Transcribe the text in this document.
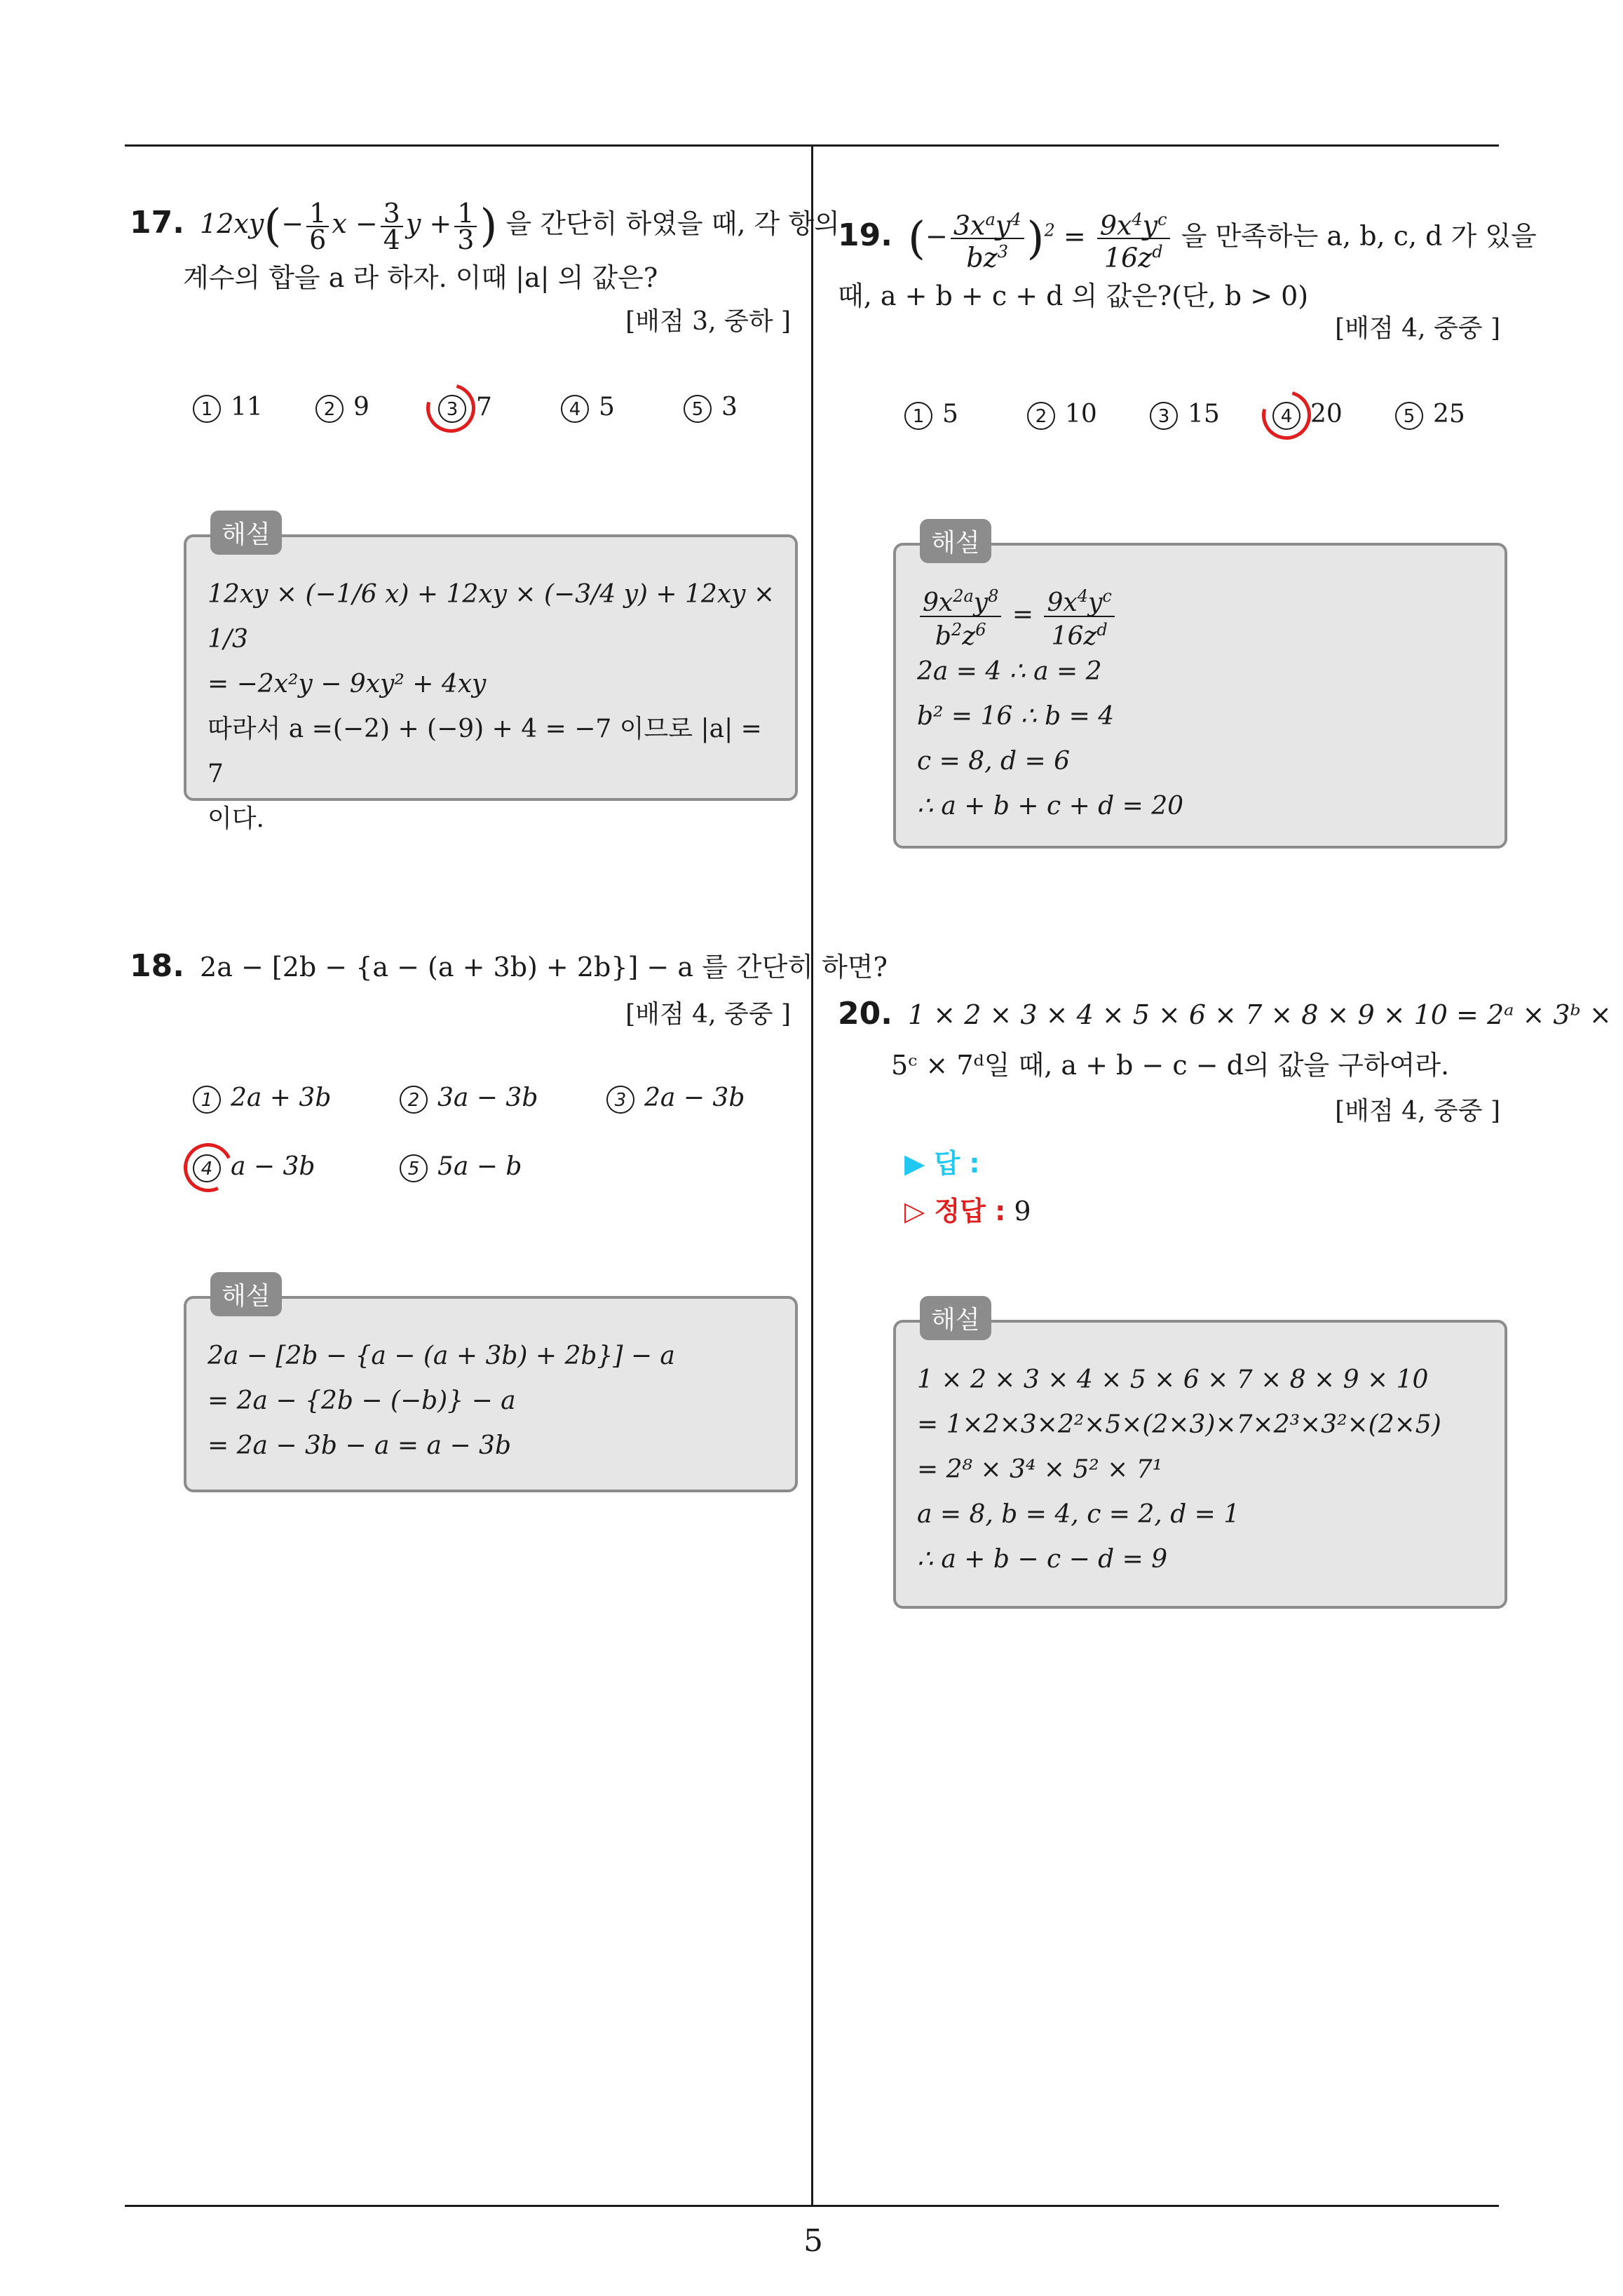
17. $12xy(- \frac{1}{6}$ $x - \frac{3}{4}$ $y + \frac{1}{3}$ ) 을 간단히 하였을 때, 각 항의
계수의 합을 a 라 하자. 이때 |a| 의 값은?
[배점 3, 중하 ]
1 11	2 9	3 7	4 5	5 3
해설
12xy × (−1/6 x) + 12xy × (−3/4 y) + 12xy × 1/3
= −2x²y − 9xy² + 4xy
따라서 a =(−2) + (−9) + 4 = −7 이므로 |a| = 7
이다.
18. 2a − [2b − {a − (a + 3b) + 2b}] − a 를 간단히 하면?
[배점 4, 중중 ]
1 2a + 3b	2 3a − 3b	3 2a − 3b
4 a − 3b	5 5a − b
해설
2a − [2b − {a − (a + 3b) + 2b}] − a
= 2a − {2b − (−b)} − a
= 2a − 3b − a = a − 3b
19. (− $\frac{3x^ay^4}{bz^3} )^2 = \frac{9x^4y^c}{16z^d}$ 을 만족하는 a, b, c, d 가 있을
때, a + b + c + d 의 값은?(단, b > 0)
[배점 4, 중중 ]
1 5	2 10	3 15	4 20	5 25
해설
$\frac{9x^{2a}y^8}{b^2z^6} = \frac{9x^4y^c}{16z^d}$
2a = 4 ∴ a = 2
b² = 16 ∴ b = 4
c = 8, d = 6
∴ a + b + c + d = 20
20. 1 × 2 × 3 × 4 × 5 × 6 × 7 × 8 × 9 × 10 = 2ᵃ × 3ᵇ ×
5ᶜ × 7ᵈ일 때, a + b − c − d의 값을 구하여라.
[배점 4, 중중 ]
▶ 답 :
▷ 정답 : 9
해설
1 × 2 × 3 × 4 × 5 × 6 × 7 × 8 × 9 × 10
= 1×2×3×2²×5×(2×3)×7×2³×3²×(2×5)
= 2⁸ × 3⁴ × 5² × 7¹
a = 8, b = 4, c = 2, d = 1
∴ a + b − c − d = 9
5
